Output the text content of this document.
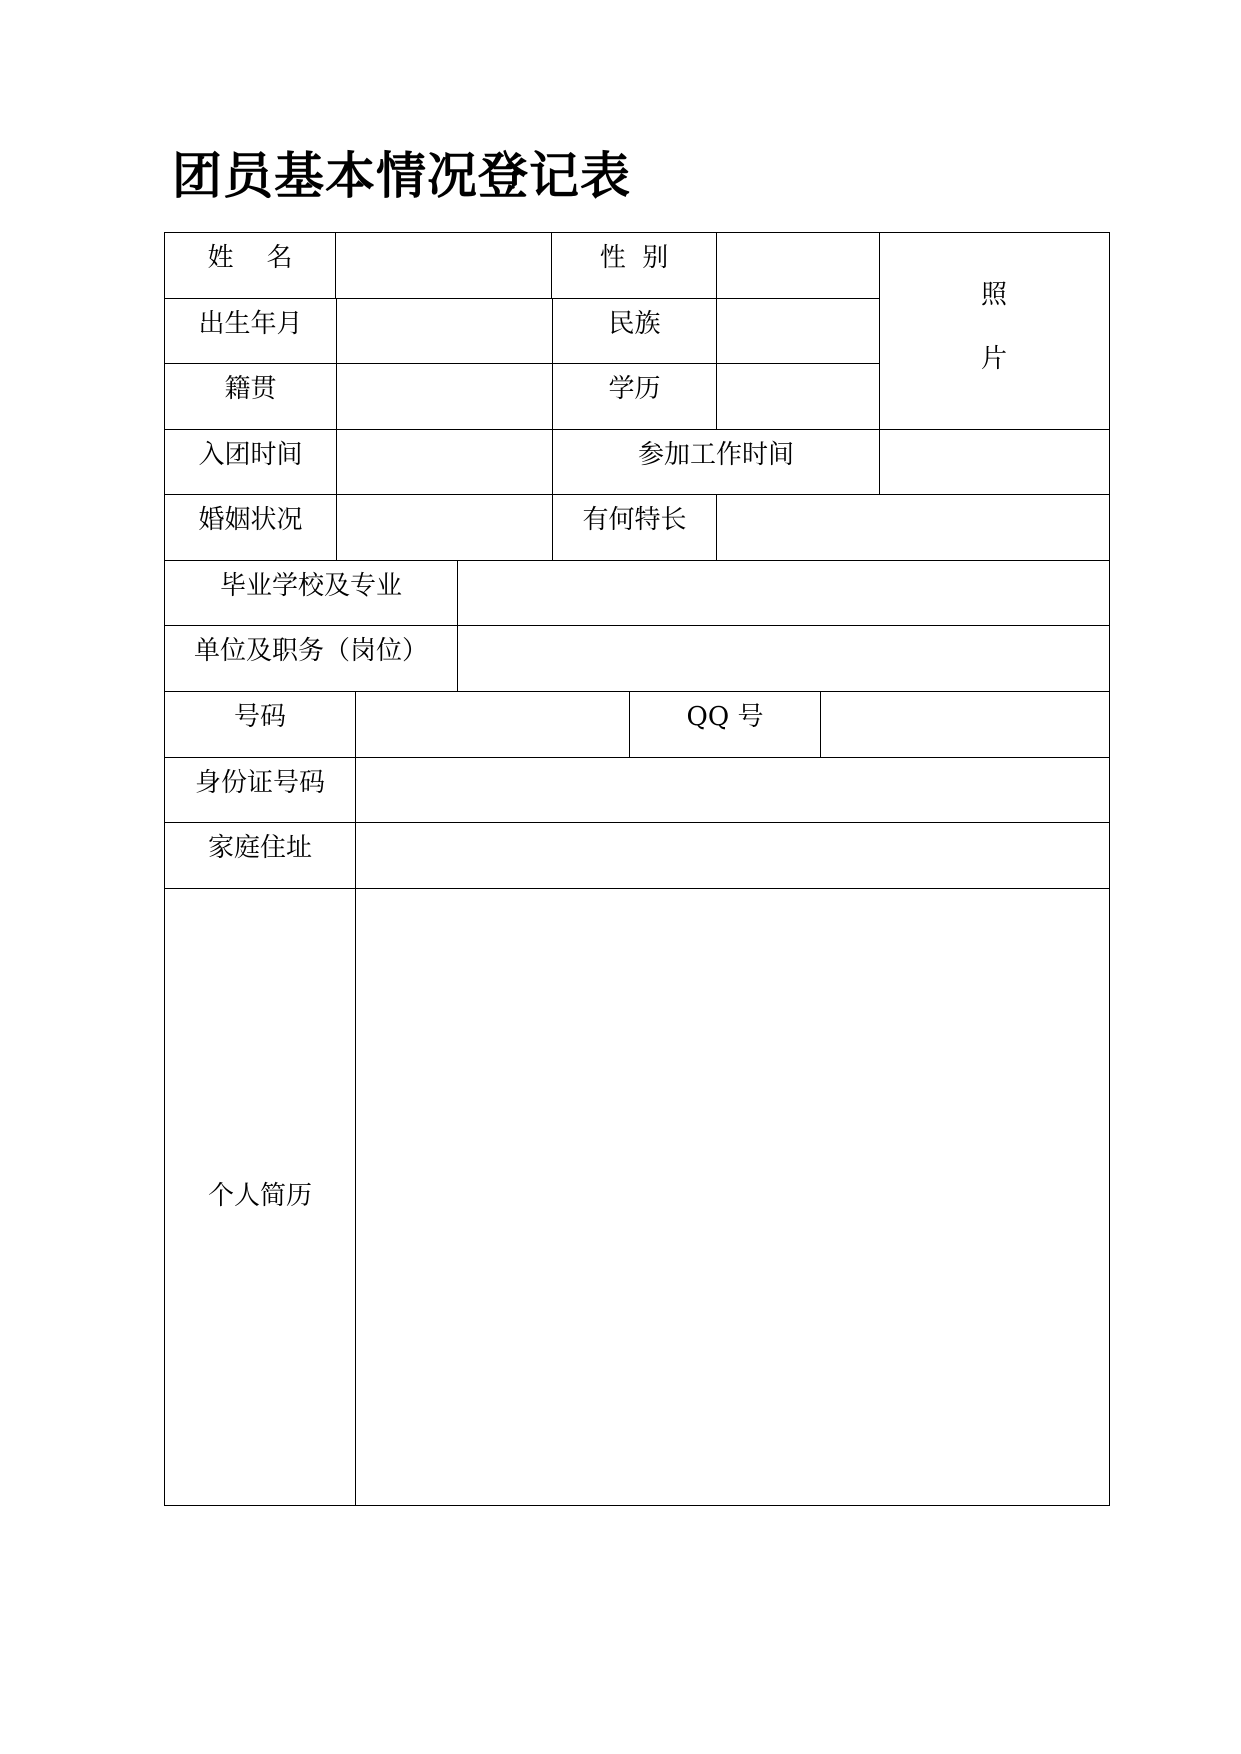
团员基本情况登记表
姓    名	性  别
照
片
出生年月	民族
籍贯	学历
入团时间	参加工作时间
婚姻状况	有何特长
毕业学校及专业
单位及职务（岗位）
号码	QQ 号
身份证号码
家庭住址
个人简历
